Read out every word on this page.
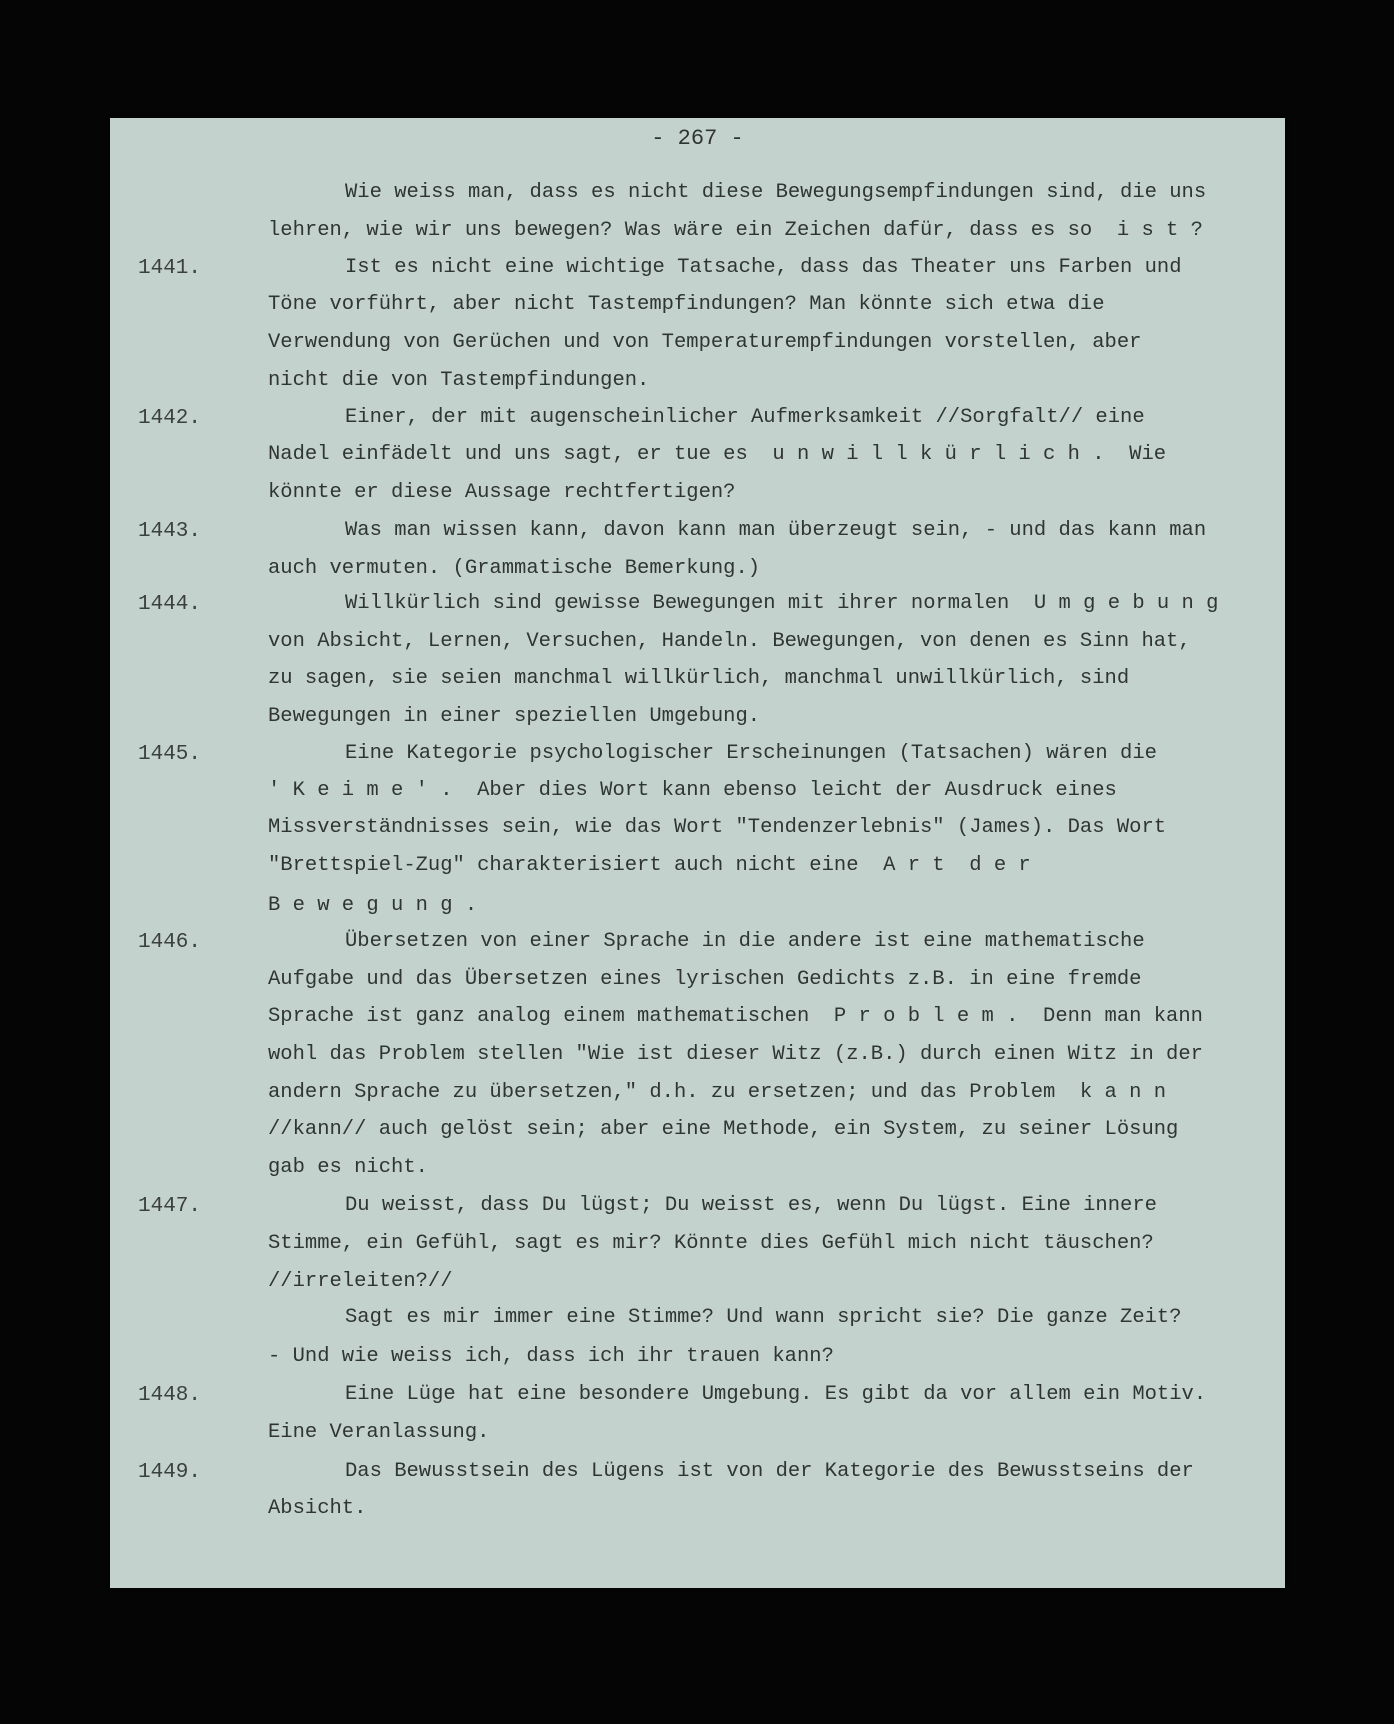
- 267 -
Wie weiss man, dass es nicht diese Bewegungsempfindungen sind, die uns
lehren, wie wir uns bewegen? Was wäre ein Zeichen dafür, dass es so  i s t ?
1441.	Ist es nicht eine wichtige Tatsache, dass das Theater uns Farben und
Töne vorführt, aber nicht Tastempfindungen? Man könnte sich etwa die
Verwendung von Gerüchen und von Temperaturempfindungen vorstellen, aber
nicht die von Tastempfindungen.
1442.	Einer, der mit augenscheinlicher Aufmerksamkeit //Sorgfalt// eine
Nadel einfädelt und uns sagt, er tue es  u n w i l l k ü r l i c h .  Wie
könnte er diese Aussage rechtfertigen?
1443.	Was man wissen kann, davon kann man überzeugt sein, - und das kann man
auch vermuten. (Grammatische Bemerkung.)
1444.	Willkürlich sind gewisse Bewegungen mit ihrer normalen  U m g e b u n g
von Absicht, Lernen, Versuchen, Handeln. Bewegungen, von denen es Sinn hat,
zu sagen, sie seien manchmal willkürlich, manchmal unwillkürlich, sind
Bewegungen in einer speziellen Umgebung.
1445.	Eine Kategorie psychologischer Erscheinungen (Tatsachen) wären die
' K e i m e ' .  Aber dies Wort kann ebenso leicht der Ausdruck eines
Missverständnisses sein, wie das Wort "Tendenzerlebnis" (James). Das Wort
"Brettspiel-Zug" charakterisiert auch nicht eine  A r t  d e r
B e w e g u n g .
1446.	Übersetzen von einer Sprache in die andere ist eine mathematische
Aufgabe und das Übersetzen eines lyrischen Gedichts z.B. in eine fremde
Sprache ist ganz analog einem mathematischen  P r o b l e m .  Denn man kann
wohl das Problem stellen "Wie ist dieser Witz (z.B.) durch einen Witz in der
andern Sprache zu übersetzen," d.h. zu ersetzen; und das Problem  k a n n
//kann// auch gelöst sein; aber eine Methode, ein System, zu seiner Lösung
gab es nicht.
1447.	Du weisst, dass Du lügst; Du weisst es, wenn Du lügst. Eine innere
Stimme, ein Gefühl, sagt es mir? Könnte dies Gefühl mich nicht täuschen?
//irreleiten?//
Sagt es mir immer eine Stimme? Und wann spricht sie? Die ganze Zeit?
- Und wie weiss ich, dass ich ihr trauen kann?
1448.	Eine Lüge hat eine besondere Umgebung. Es gibt da vor allem ein Motiv.
Eine Veranlassung.
1449.	Das Bewusstsein des Lügens ist von der Kategorie des Bewusstseins der
Absicht.
